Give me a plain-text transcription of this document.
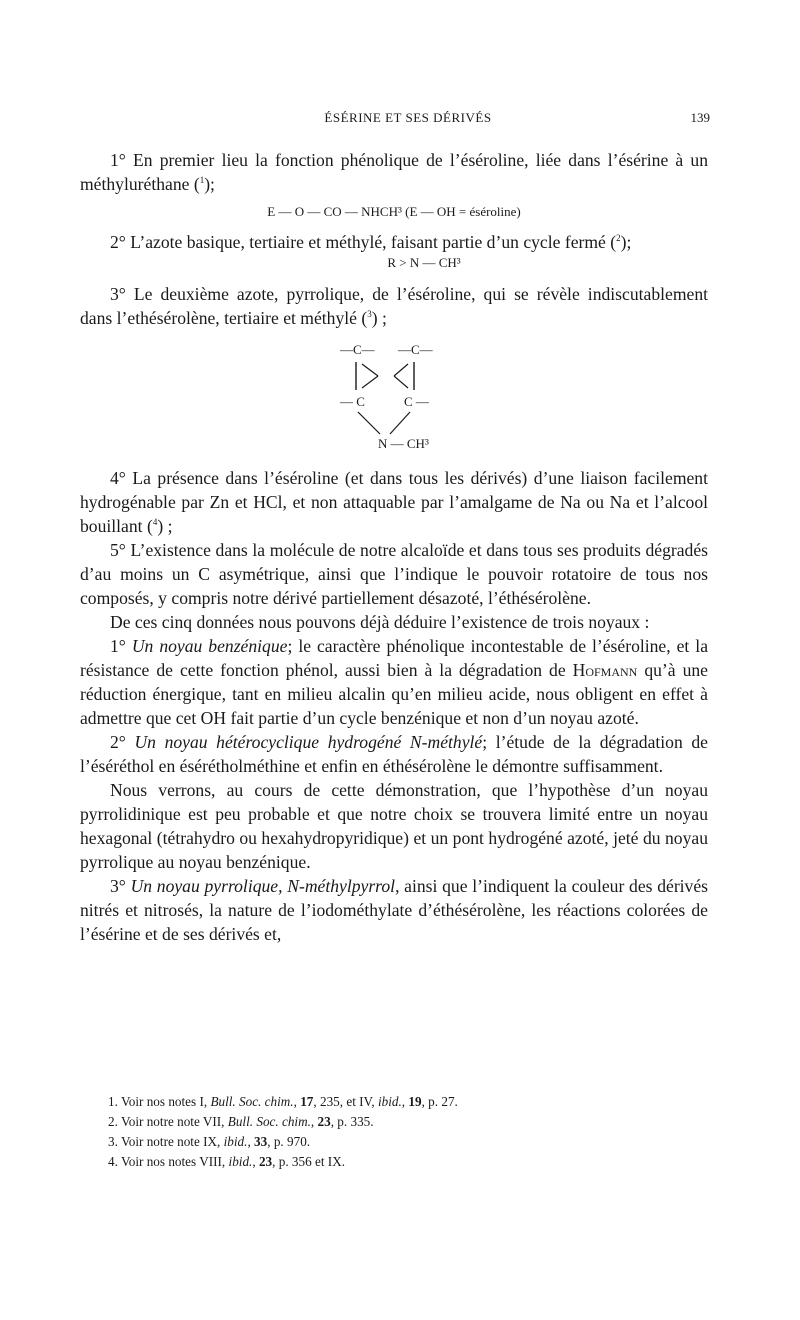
ÉSÉRINE ET SES DÉRIVÉS	139

1° En premier lieu la fonction phénolique de l’éséroline, liée dans l’ésérine à un méthyluréthane ($^1$);

E — O — CO — NHCH³ (E — OH = éséroline)

2° L’azote basique, tertiaire et méthylé, faisant partie d’un cycle fermé ($^2$);

R > N — CH³

3° Le deuxième azote, pyrrolique, de l’éséroline, qui se révèle indiscutablement dans l’ethésérolène, tertiaire et méthylé ($^3$) ;

—C— —C—
— C	C —
N — CH³

4° La présence dans l’éséroline (et dans tous les dérivés) d’une liaison facilement hydrogénable par Zn et HCl, et non attaquable par l’amalgame de Na ou Na et l’alcool bouillant ($^4$) ;

5° L’existence dans la molécule de notre alcaloïde et dans tous ses produits dégradés d’au moins un C asymétrique, ainsi que l’indique le pouvoir rotatoire de tous nos composés, y compris notre dérivé partiellement désazoté, l’éthésérolène.

De ces cinq données nous pouvons déjà déduire l’existence de trois noyaux :

1° Un noyau benzénique; le caractère phénolique incontestable de l’éséroline, et la résistance de cette fonction phénol, aussi bien à la dégradation de Hofmann qu’à une réduction énergique, tant en milieu alcalin qu’en milieu acide, nous obligent en effet à admettre que cet OH fait partie d’un cycle benzénique et non d’un noyau azoté.

2° Un noyau hétérocyclique hydrogéné N-méthylé; l’étude de la dégradation de l’éséréthol en ésérétholméthine et enfin en éthésérolène le démontre suffisamment.

Nous verrons, au cours de cette démonstration, que l’hypothèse d’un noyau pyrrolidinique est peu probable et que notre choix se trouvera limité entre un noyau hexagonal (tétrahydro ou hexahydropyridique) et un pont hydrogéné azoté, jeté du noyau pyrrolique au noyau benzénique.

3° Un noyau pyrrolique, N-méthylpyrrol, ainsi que l’indiquent la couleur des dérivés nitrés et nitrosés, la nature de l’iodométhylate d’éthésérolène, les réactions colorées de l’ésérine et de ses dérivés et,

1. Voir nos notes I, Bull. Soc. chim., 17, 235, et IV, ibid., 19, p. 27.
2. Voir notre note VII, Bull. Soc. chim., 23, p. 335.
3. Voir notre note IX, ibid., 33, p. 970.
4. Voir nos notes VIII, ibid., 23, p. 356 et IX.
